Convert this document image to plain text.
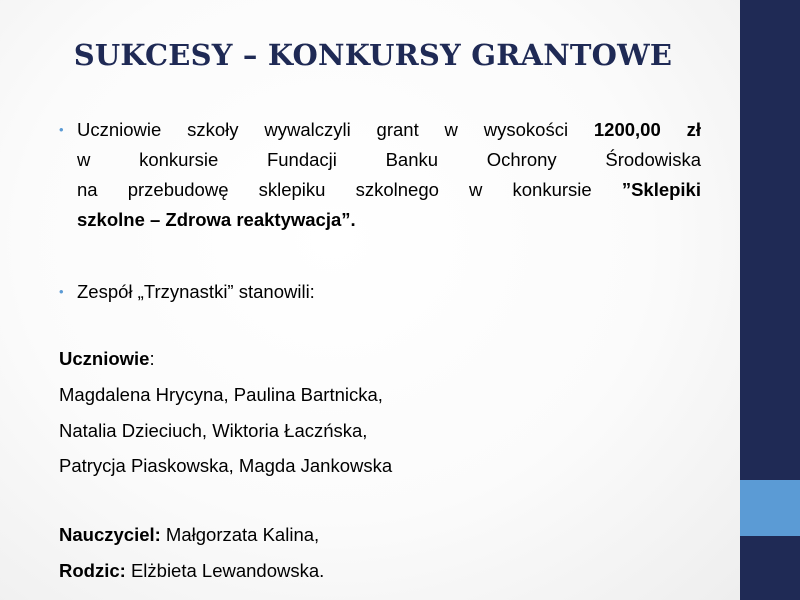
SUKCESY – KONKURSY GRANTOWE
• Uczniowie szkoły wywalczyli grant w wysokości 1200,00 zł
w konkursie Fundacji Banku Ochrony Środowiska
na przebudowę sklepiku szkolnego w konkursie ”Sklepiki
szkolne – Zdrowa reaktywacja”.
• Zespół „Trzynastki” stanowili:
Uczniowie:
Magdalena Hrycyna, Paulina Bartnicka,
Natalia Dzieciuch, Wiktoria Łaczńska,
Patrycja Piaskowska, Magda Jankowska
Nauczyciel: Małgorzata Kalina,
Rodzic: Elżbieta Lewandowska.
